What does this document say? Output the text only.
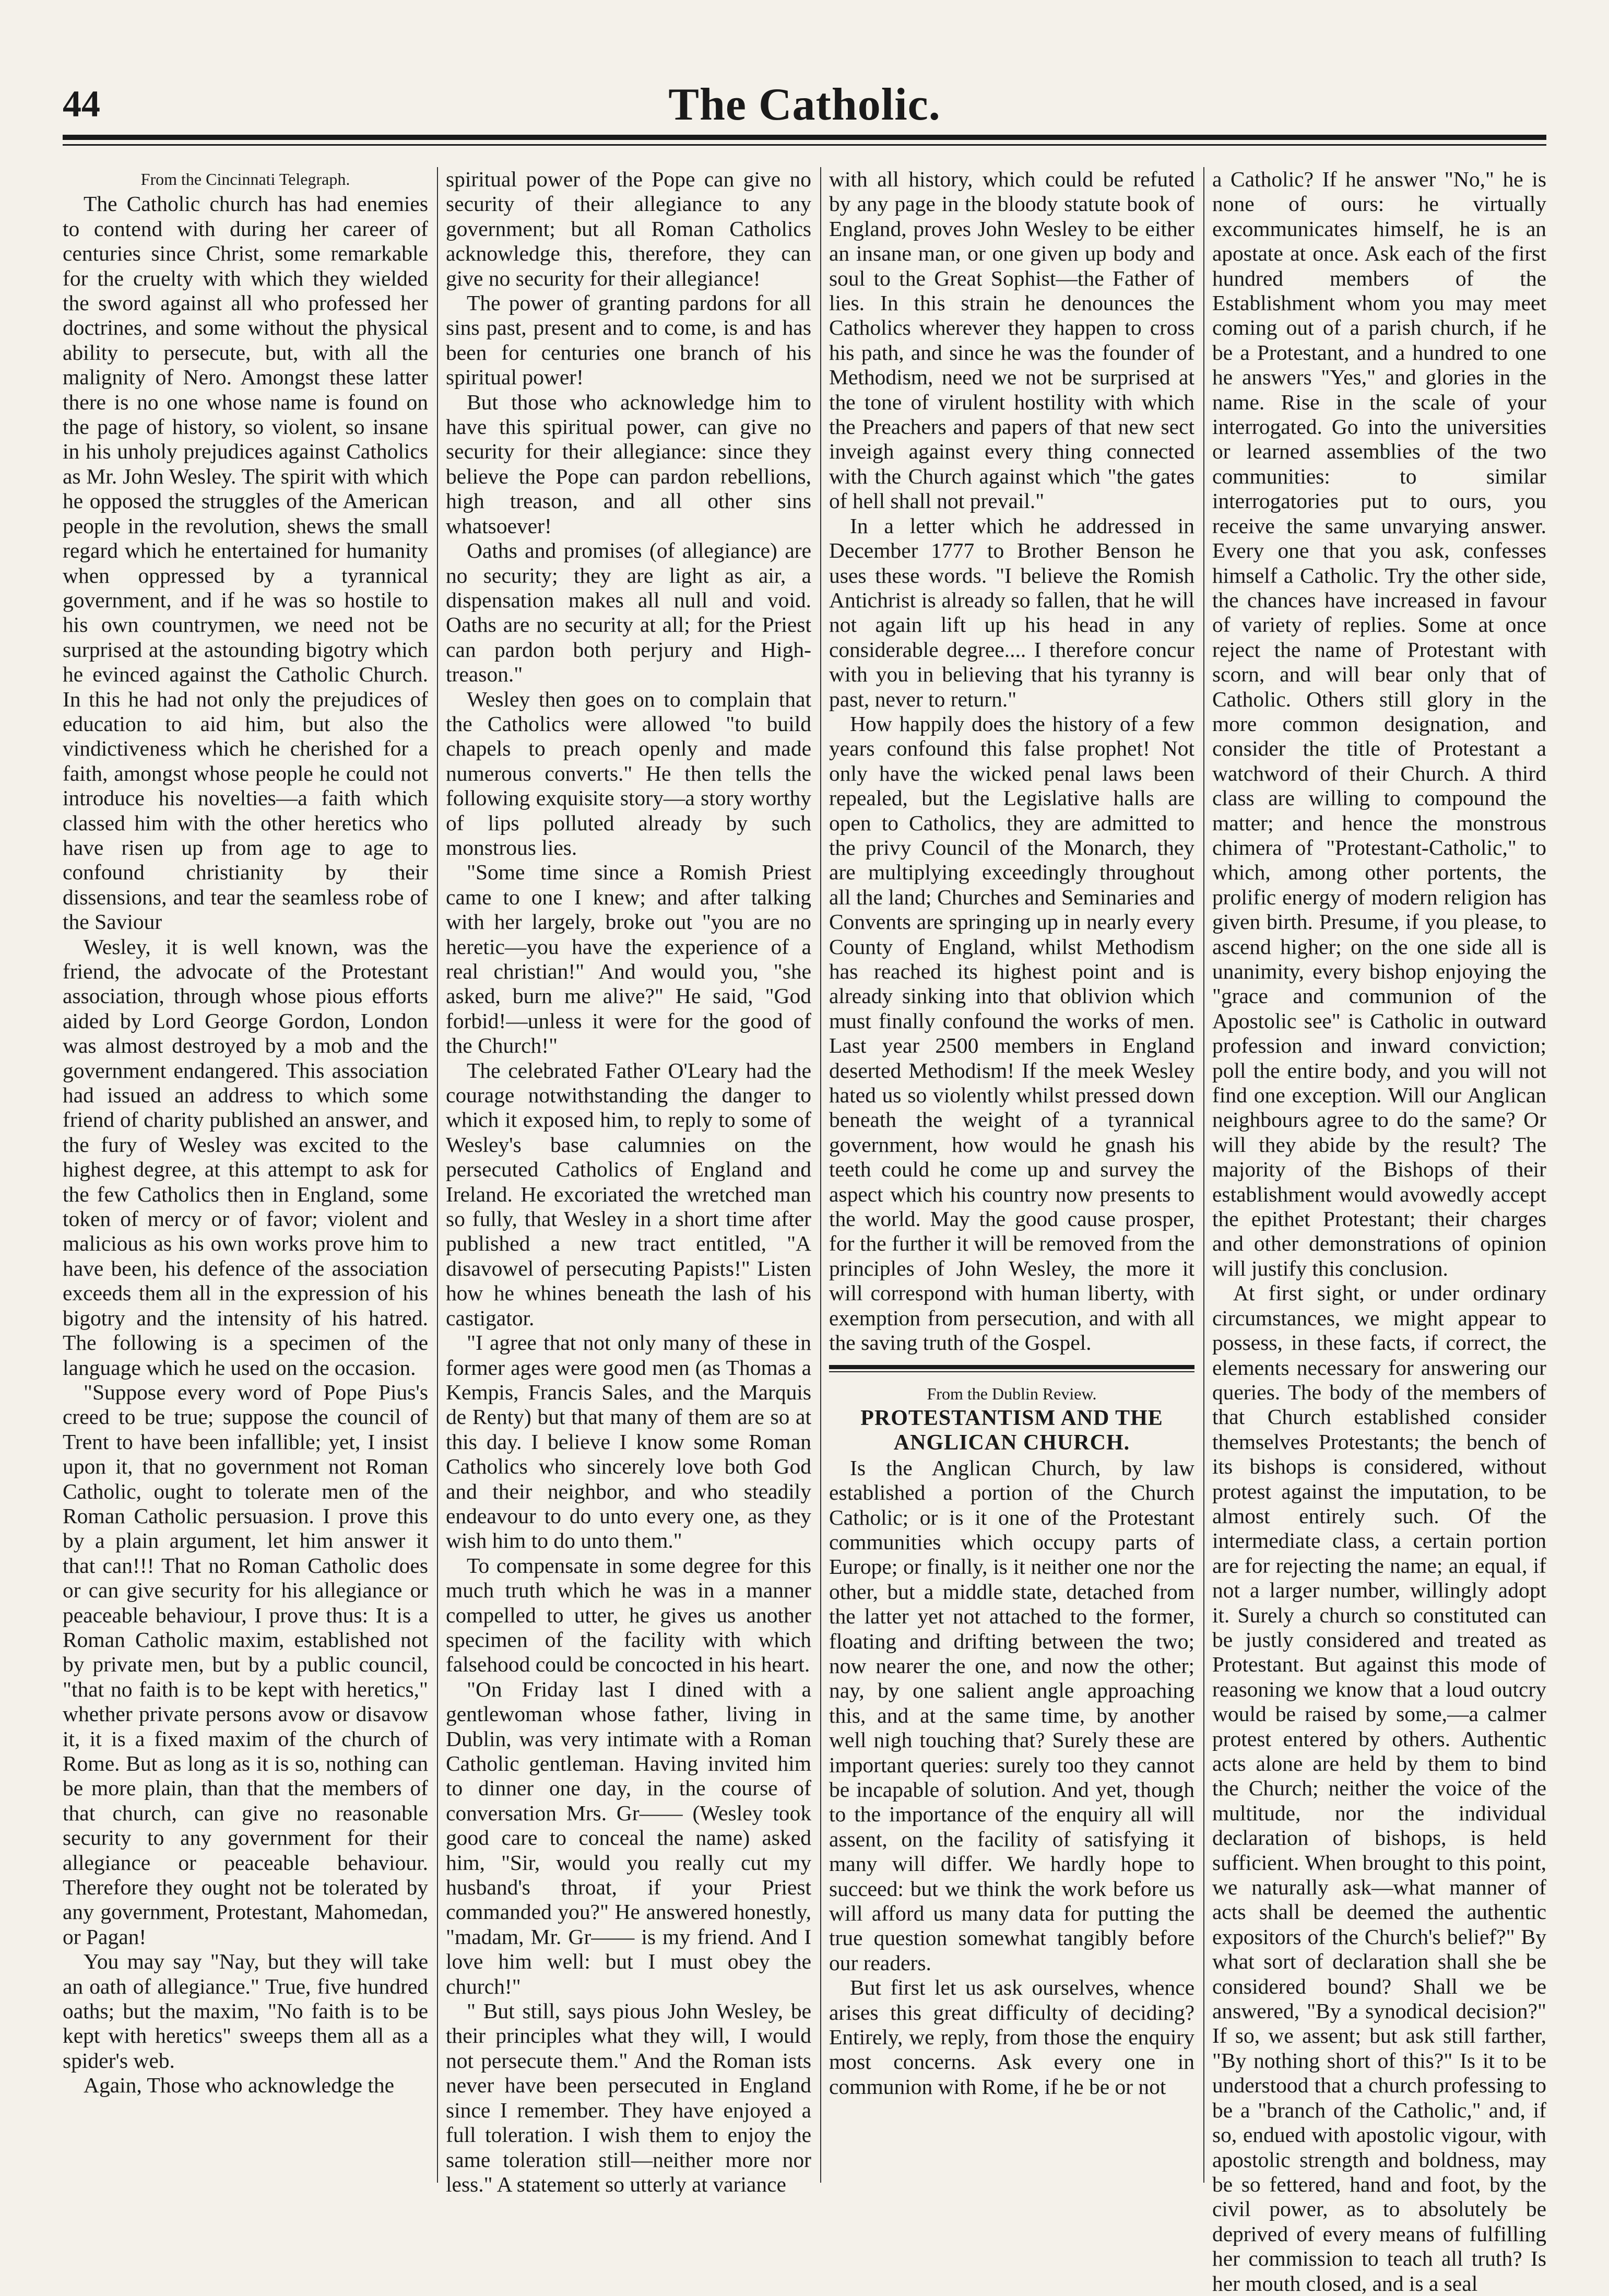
44	The Catholic.

From the Cincinnati Telegraph.

The Catholic church has had enemies to contend with during her career of centuries since Christ, some remarkable for the cruelty with which they wielded the sword against all who professed her doctrines, and some without the physical ability to persecute, but, with all the malignity of Nero. Amongst these latter there is no one whose name is found on the page of history, so violent, so insane in his unholy prejudices against Catholics as Mr. John Wesley. The spirit with which he opposed the struggles of the American people in the revolution, shews the small regard which he entertained for humanity when oppressed by a tyrannical government, and if he was so hostile to his own countrymen, we need not be surprised at the astounding bigotry which he evinced against the Catholic Church. In this he had not only the prejudices of education to aid him, but also the vindictiveness which he cherished for a faith, amongst whose people he could not introduce his novelties—a faith which classed him with the other heretics who have risen up from age to age to confound christianity by their dissensions, and tear the seamless robe of the Saviour

Wesley, it is well known, was the friend, the advocate of the Protestant association, through whose pious efforts aided by Lord George Gordon, London was almost destroyed by a mob and the government endangered. This association had issued an address to which some friend of charity published an answer, and the fury of Wesley was excited to the highest degree, at this attempt to ask for the few Catholics then in England, some token of mercy or of favor; violent and malicious as his own works prove him to have been, his defence of the association exceeds them all in the expression of his bigotry and the intensity of his hatred. The following is a specimen of the language which he used on the occasion.

"Suppose every word of Pope Pius's creed to be true; suppose the council of Trent to have been infallible; yet, I insist upon it, that no government not Roman Catholic, ought to tolerate men of the Roman Catholic persuasion. I prove this by a plain argument, let him answer it that can!!! That no Roman Catholic does or can give security for his allegiance or peaceable behaviour, I prove thus: It is a Roman Catholic maxim, established not by private men, but by a public council, "that no faith is to be kept with heretics," whether private persons avow or disavow it, it is a fixed maxim of the church of Rome. But as long as it is so, nothing can be more plain, than that the members of that church, can give no reasonable security to any government for their allegiance or peaceable behaviour. Therefore they ought not be tolerated by any government, Protestant, Mahomedan, or Pagan!

You may say "Nay, but they will take an oath of allegiance." True, five hundred oaths; but the maxim, "No faith is to be kept with heretics" sweeps them all as a spider's web.

Again, Those who acknowledge the

spiritual power of the Pope can give no security of their allegiance to any government; but all Roman Catholics acknowledge this, therefore, they can give no security for their allegiance!

The power of granting pardons for all sins past, present and to come, is and has been for centuries one branch of his spiritual power!

But those who acknowledge him to have this spiritual power, can give no security for their allegiance: since they believe the Pope can pardon rebellions, high treason, and all other sins whatsoever!

Oaths and promises (of allegiance) are no security; they are light as air, a dispensation makes all null and void. Oaths are no security at all; for the Priest can pardon both perjury and High-treason."

Wesley then goes on to complain that the Catholics were allowed "to build chapels to preach openly and made numerous converts." He then tells the following exquisite story—a story worthy of lips polluted already by such monstrous lies.

"Some time since a Romish Priest came to one I knew; and after talking with her largely, broke out "you are no heretic—you have the experience of a real christian!" And would you, "she asked, burn me alive?" He said, "God forbid!—unless it were for the good of the Church!"

The celebrated Father O'Leary had the courage notwithstanding the danger to which it exposed him, to reply to some of Wesley's base calumnies on the persecuted Catholics of England and Ireland. He excoriated the wretched man so fully, that Wesley in a short time after published a new tract entitled, "A disavowel of persecuting Papists!" Listen how he whines beneath the lash of his castigator.

"I agree that not only many of these in former ages were good men (as Thomas a Kempis, Francis Sales, and the Marquis de Renty) but that many of them are so at this day. I believe I know some Roman Catholics who sincerely love both God and their neighbor, and who steadily endeavour to do unto every one, as they wish him to do unto them."

To compensate in some degree for this much truth which he was in a manner compelled to utter, he gives us another specimen of the facility with which falsehood could be concocted in his heart.

"On Friday last I dined with a gentlewoman whose father, living in Dublin, was very intimate with a Roman Catholic gentleman. Having invited him to dinner one day, in the course of conversation Mrs. Gr—— (Wesley took good care to conceal the name) asked him, "Sir, would you really cut my husband's throat, if your Priest commanded you?" He answered honestly, "madam, Mr. Gr—— is my friend. And I love him well: but I must obey the church!"

" But still, says pious John Wesley, be their principles what they will, I would not persecute them." And the Roman ists never have been persecuted in England since I remember. They have enjoyed a full toleration. I wish them to enjoy the same toleration still—neither more nor less." A statement so utterly at variance

with all history, which could be refuted by any page in the bloody statute book of England, proves John Wesley to be either an insane man, or one given up body and soul to the Great Sophist—the Father of lies. In this strain he denounces the Catholics wherever they happen to cross his path, and since he was the founder of Methodism, need we not be surprised at the tone of virulent hostility with which the Preachers and papers of that new sect inveigh against every thing connected with the Church against which "the gates of hell shall not prevail."

In a letter which he addressed in December 1777 to Brother Benson he uses these words. "I believe the Romish Antichrist is already so fallen, that he will not again lift up his head in any considerable degree.... I therefore concur with you in believing that his tyranny is past, never to return."

How happily does the history of a few years confound this false prophet! Not only have the wicked penal laws been repealed, but the Legislative halls are open to Catholics, they are admitted to the privy Council of the Monarch, they are multiplying exceedingly throughout all the land; Churches and Seminaries and Convents are springing up in nearly every County of England, whilst Methodism has reached its highest point and is already sinking into that oblivion which must finally confound the works of men. Last year 2500 members in England deserted Methodism! If the meek Wesley hated us so violently whilst pressed down beneath the weight of a tyrannical government, how would he gnash his teeth could he come up and survey the aspect which his country now presents to the world. May the good cause prosper, for the further it will be removed from the principles of John Wesley, the more it will correspond with human liberty, with exemption from persecution, and with all the saving truth of the Gospel.

From the Dublin Review.

PROTESTANTISM AND THE

ANGLICAN CHURCH.

Is the Anglican Church, by law established a portion of the Church Catholic; or is it one of the Protestant communities which occupy parts of Europe; or finally, is it neither one nor the other, but a middle state, detached from the latter yet not attached to the former, floating and drifting between the two; now nearer the one, and now the other; nay, by one salient angle approaching this, and at the same time, by another well nigh touching that? Surely these are important queries: surely too they cannot be incapable of solution. And yet, though to the importance of the enquiry all will assent, on the facility of satisfying it many will differ. We hardly hope to succeed: but we think the work before us will afford us many data for putting the true question somewhat tangibly before our readers.

But first let us ask ourselves, whence arises this great difficulty of deciding? Entirely, we reply, from those the enquiry most concerns. Ask every one in communion with Rome, if he be or not

a Catholic? If he answer "No," he is none of ours: he virtually excommunicates himself, he is an apostate at once. Ask each of the first hundred members of the Establishment whom you may meet coming out of a parish church, if he be a Protestant, and a hundred to one he answers "Yes," and glories in the name. Rise in the scale of your interrogated. Go into the universities or learned assemblies of the two communities: to similar interrogatories put to ours, you receive the same unvarying answer. Every one that you ask, confesses himself a Catholic. Try the other side, the chances have increased in favour of variety of replies. Some at once reject the name of Protestant with scorn, and will bear only that of Catholic. Others still glory in the more common designation, and consider the title of Protestant a watchword of their Church. A third class are willing to compound the matter; and hence the monstrous chimera of "Protestant-Catholic," to which, among other portents, the prolific energy of modern religion has given birth. Presume, if you please, to ascend higher; on the one side all is unanimity, every bishop enjoying the "grace and communion of the Apostolic see" is Catholic in outward profession and inward conviction; poll the entire body, and you will not find one exception. Will our Anglican neighbours agree to do the same? Or will they abide by the result? The majority of the Bishops of their establishment would avowedly accept the epithet Protestant; their charges and other demonstrations of opinion will justify this conclusion.

At first sight, or under ordinary circumstances, we might appear to possess, in these facts, if correct, the elements necessary for answering our queries. The body of the members of that Church established consider themselves Protestants; the bench of its bishops is considered, without protest against the imputation, to be almost entirely such. Of the intermediate class, a certain portion are for rejecting the name; an equal, if not a larger number, willingly adopt it. Surely a church so constituted can be justly considered and treated as Protestant. But against this mode of reasoning we know that a loud outcry would be raised by some,—a calmer protest entered by others. Authentic acts alone are held by them to bind the Church; neither the voice of the multitude, nor the individual declaration of bishops, is held sufficient. When brought to this point, we naturally ask—what manner of acts shall be deemed the authentic expositors of the Church's belief?" By what sort of declaration shall she be considered bound? Shall we be answered, "By a synodical decision?" If so, we assent; but ask still farther, "By nothing short of this?" Is it to be understood that a church professing to be a "branch of the Catholic," and, if so, endued with apostolic vigour, with apostolic strength and boldness, may be so fettered, hand and foot, by the civil power, as to absolutely be deprived of every means of fulfilling her commission to teach all truth? Is her mouth closed, and is a seal
